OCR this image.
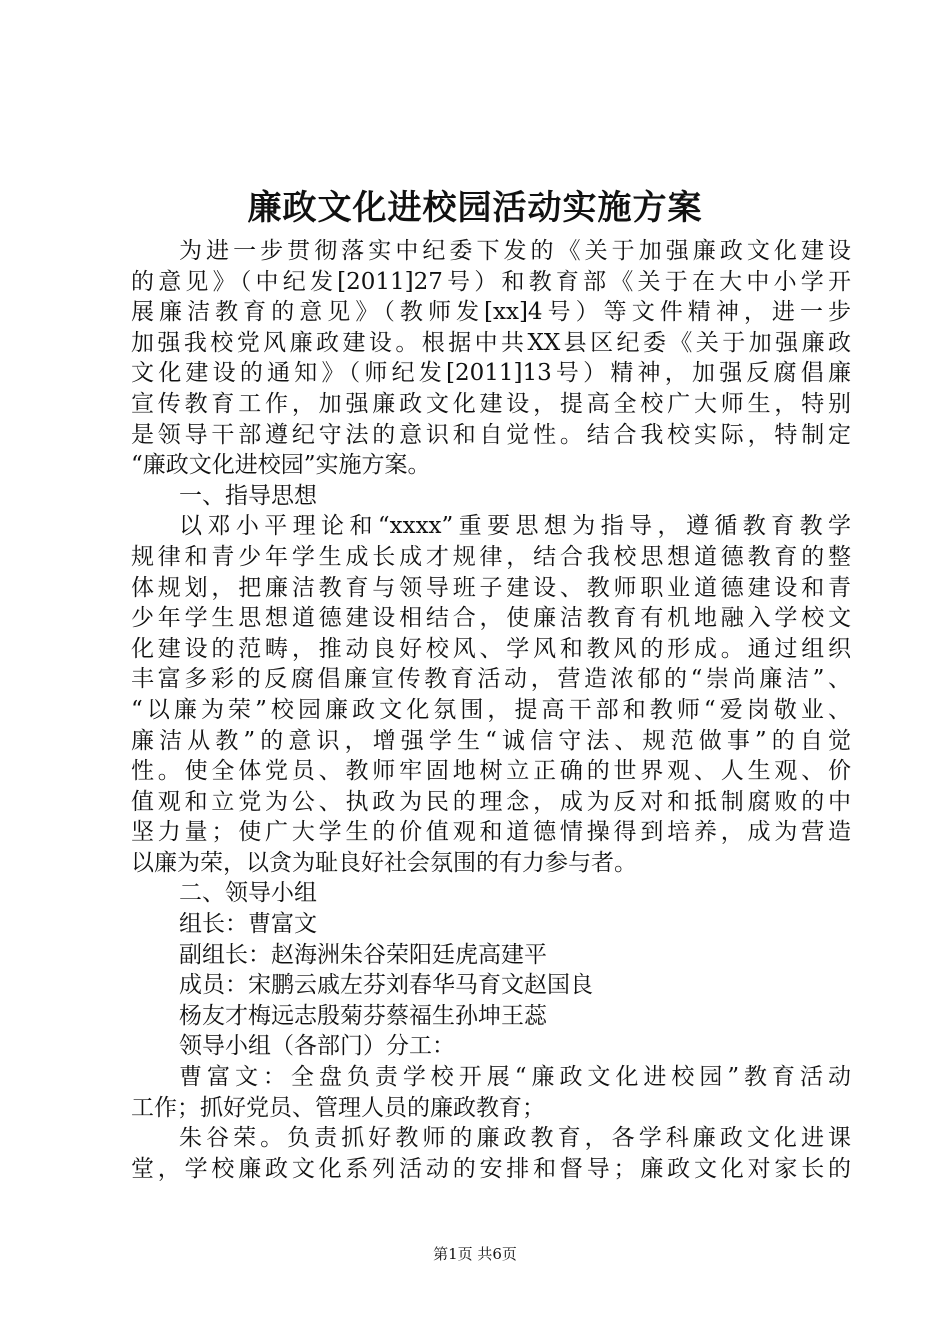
廉政文化进校园活动实施方案
为进一步贯彻落实中纪委下发的《关于加强廉政文化建设
的意见》（中纪发[2011]27号）和教育部《关于在大中小学开
展廉洁教育的意见》（教师发[xx]4号）等文件精神，进一步
加强我校党风廉政建设。根据中共XX县区纪委《关于加强廉政
文化建设的通知》（师纪发[2011]13号）精神，加强反腐倡廉
宣传教育工作，加强廉政文化建设，提高全校广大师生，特别
是领导干部遵纪守法的意识和自觉性。结合我校实际，特制定
“廉政文化进校园”实施方案。
一、指导思想
以邓小平理论和“xxxx”重要思想为指导，遵循教育教学
规律和青少年学生成长成才规律，结合我校思想道德教育的整
体规划，把廉洁教育与领导班子建设、教师职业道德建设和青
少年学生思想道德建设相结合，使廉洁教育有机地融入学校文
化建设的范畴，推动良好校风、学风和教风的形成。通过组织
丰富多彩的反腐倡廉宣传教育活动，营造浓郁的“崇尚廉洁”、
“以廉为荣”校园廉政文化氛围，提高干部和教师“爱岗敬业、
廉洁从教”的意识，增强学生“诚信守法、规范做事”的自觉
性。使全体党员、教师牢固地树立正确的世界观、人生观、价
值观和立党为公、执政为民的理念，成为反对和抵制腐败的中
坚力量；使广大学生的价值观和道德情操得到培养，成为营造
以廉为荣，以贪为耻良好社会氛围的有力参与者。
二、领导小组
组长：曹富文
副组长：赵海洲朱谷荣阳廷虎高建平
成员：宋鹏云戚左芬刘春华马育文赵国良
杨友才梅远志殷菊芬蔡福生孙坤王蕊
领导小组（各部门）分工：
曹富文：全盘负责学校开展“廉政文化进校园”教育活动
工作；抓好党员、管理人员的廉政教育；
朱谷荣。负责抓好教师的廉政教育，各学科廉政文化进课
堂，学校廉政文化系列活动的安排和督导；廉政文化对家长的
第1页 共6页
